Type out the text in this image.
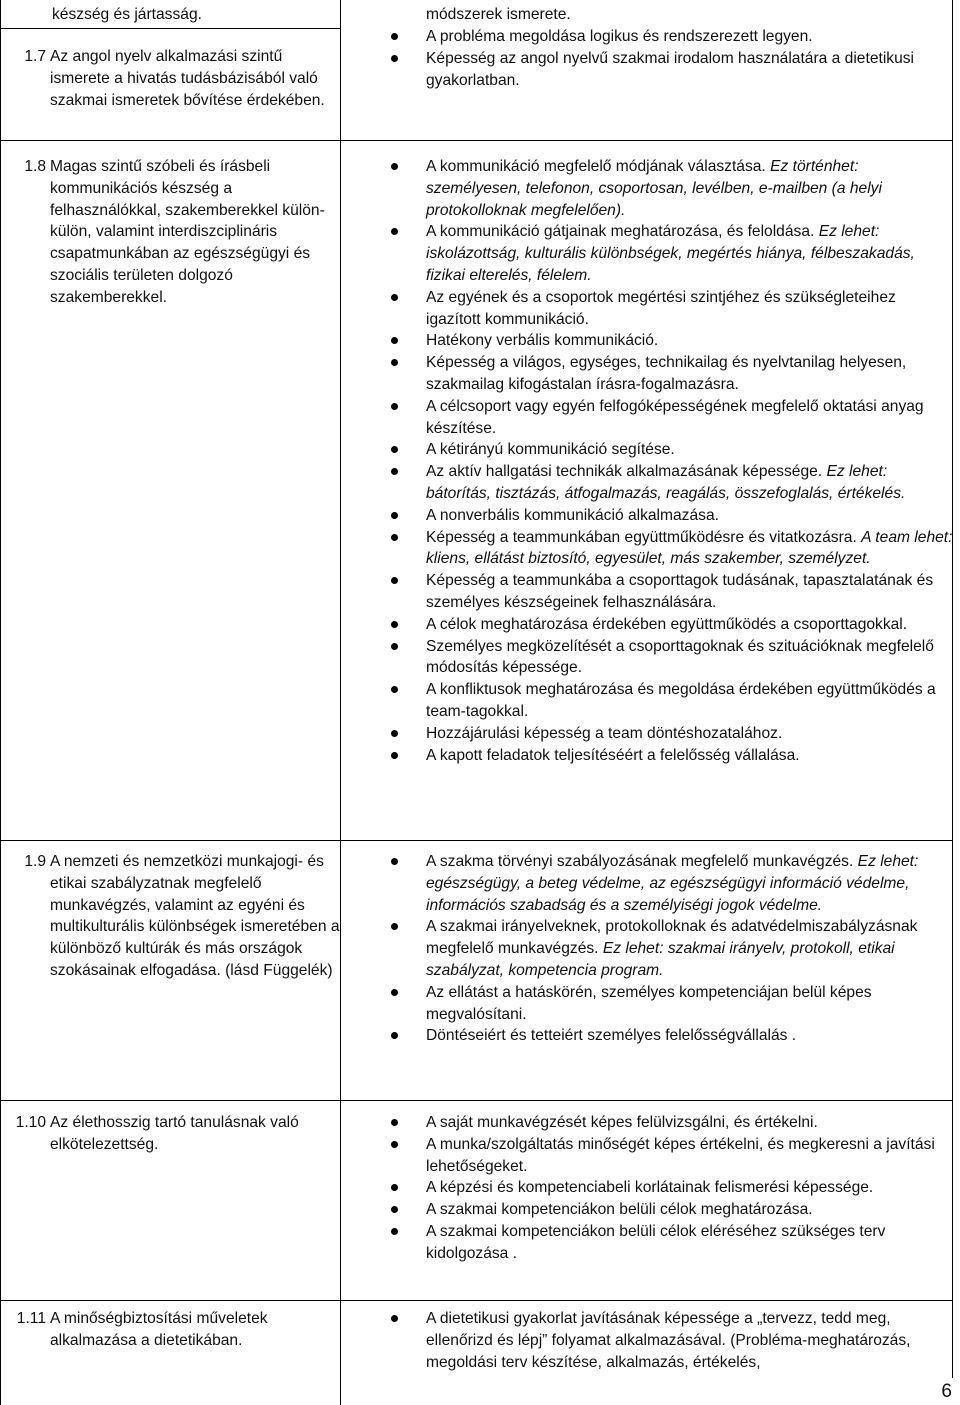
készség és jártasság.
1.7 Az angol nyelv alkalmazási szintű ismerete a hivatás tudásbázisából való szakmai ismeretek bővítése érdekében.
1.8 Magas szintű szóbeli és írásbeli kommunikációs készség a felhasználókkal, szakemberekkel külön-külön, valamint interdiszciplináris csapatmunkában az egészségügyi és szociális területen dolgozó szakemberekkel.
1.9 A nemzeti és nemzetközi munkajogi- és etikai szabályzatnak megfelelő munkavégzés, valamint az egyéni és multikulturális különbségek ismeretében a különböző kultúrák és más országok szokásainak elfogadása. (lásd Függelék)
1.10 Az élethosszig tartó tanulásnak való elkötelezettség.
1.11 A minőségbiztosítási műveletek alkalmazása a dietetikában.
módszerek ismerete.
A probléma megoldása logikus és rendszerezett legyen.
Képesség az angol nyelvű szakmai irodalom használatára a dietetikusi gyakorlatban.
A kommunikáció megfelelő módjának választása. Ez történhet: személyesen, telefonon, csoportosan, levélben, e-mailben (a helyi protokolloknak megfelelően).
A kommunikáció gátjainak meghatározása, és feloldása. Ez lehet: iskolázottság, kulturális különbségek, megértés hiánya, félbeszakadás, fizikai elterelés, félelem.
Az egyének és a csoportok megértési szintjéhez és szükségleteihez igazított kommunikáció.
Hatékony verbális kommunikáció.
Képesség a világos, egységes, technikailag és nyelvtanilag helyesen, szakmailag kifogástalan írásra-fogalmazásra.
A célcsoport vagy egyén felfogóképességének megfelelő oktatási anyag készítése.
A kétirányú kommunikáció segítése.
Az aktív hallgatási technikák alkalmazásának képessége. Ez lehet: bátorítás, tisztázás, átfogalmazás, reagálás, összefoglalás, értékelés.
A nonverbális kommunikáció alkalmazása.
Képesség a teammunkában együttműködésre és vitatkozásra. A team lehet: kliens, ellátást biztosító, egyesület, más szakember, személyzet.
Képesség a teammunkába a csoporttagok tudásának, tapasztalatának és személyes készségeinek felhasználására.
A célok meghatározása érdekében együttműködés a csoporttagokkal.
Személyes megközelítését a csoporttagoknak és szituációknak megfelelő módosítás képessége.
A konfliktusok meghatározása és megoldása érdekében együttműködés a team-tagokkal.
Hozzájárulási képesség a team döntéshozatalához.
A kapott feladatok teljesítéséért a felelősség vállalása.
A szakma törvényi szabályozásának megfelelő munkavégzés. Ez lehet: egészségügy, a beteg védelme, az egészségügyi információ védelme, információs szabadság és a személyiségi jogok védelme.
A szakmai irányelveknek, protokolloknak és adatvédelmiszabályzásnak megfelelő munkavégzés. Ez lehet: szakmai irányelv, protokoll, etikai szabályzat, kompetencia program.
Az ellátást a hatáskörén, személyes kompetenciájan belül képes megvalósítani.
Döntéseiért és tetteiért személyes felelősségvállalás .
A saját munkavégzését képes felülvizsgálni, és értékelni.
A munka/szolgáltatás minőségét képes értékelni, és megkeresni a javítási lehetőségeket.
A képzési és kompetenciabeli korlátainak felismerési képessége.
A szakmai kompetenciákon belüli célok meghatározása.
A szakmai kompetenciákon belüli célok eléréséhez szükséges terv kidolgozása .
A dietetikusi gyakorlat javításának képessége a „tervezz, tedd meg, ellenőrizd és lépj” folyamat alkalmazásával. (Probléma-meghatározás, megoldási terv készítése, alkalmazás, értékelés,
6
